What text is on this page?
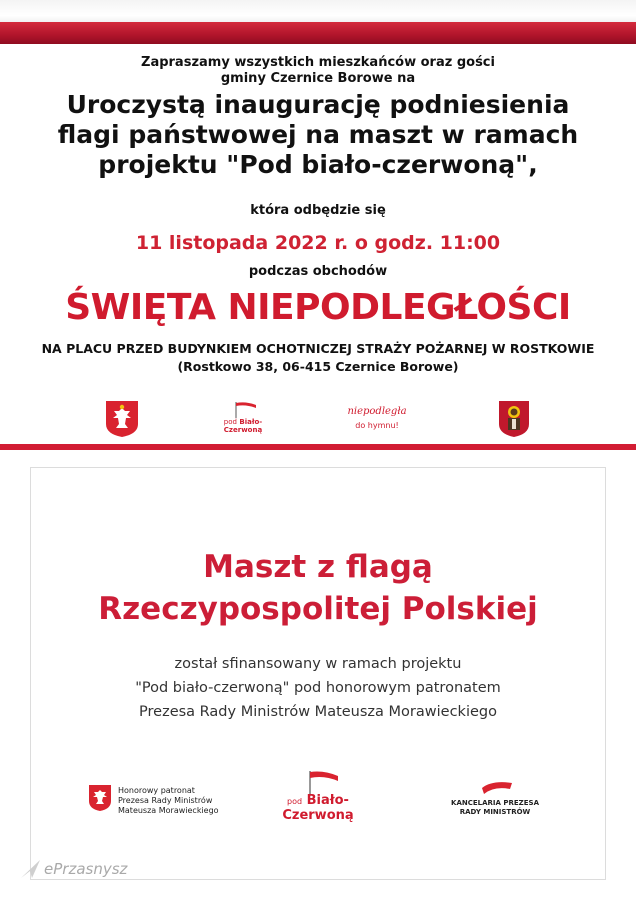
Zapraszamy wszystkich mieszkańców oraz gości
gminy Czernice Borowe na
Uroczystą inaugurację podniesienia
flagi państwowej na maszt w ramach
projektu "Pod biało-czerwoną",
która odbędzie się
11 listopada 2022 r. o godz. 11:00
podczas obchodów
ŚWIĘTA NIEPODLEGŁOŚCI
NA PLACU PRZED BUDYNKIEM OCHOTNICZEJ STRAŻY POŻARNEJ W ROSTKOWIE
(Rostkowo 38, 06-415 Czernice Borowe)
pod Biało-
Czerwoną
niepodległa
do hymnu!
Maszt z flagą
Rzeczypospolitej Polskiej
został sfinansowany w ramach projektu
"Pod biało-czerwoną" pod honorowym patronatem
Prezesa Rady Ministrów Mateusza Morawieckiego
Honorowy patronat
Prezesa Rady Ministrów
Mateusza Morawieckiego
pod Biało-
Czerwoną
KANCELARIA PREZESA
RADY MINISTRÓW
ePrzasnysz
